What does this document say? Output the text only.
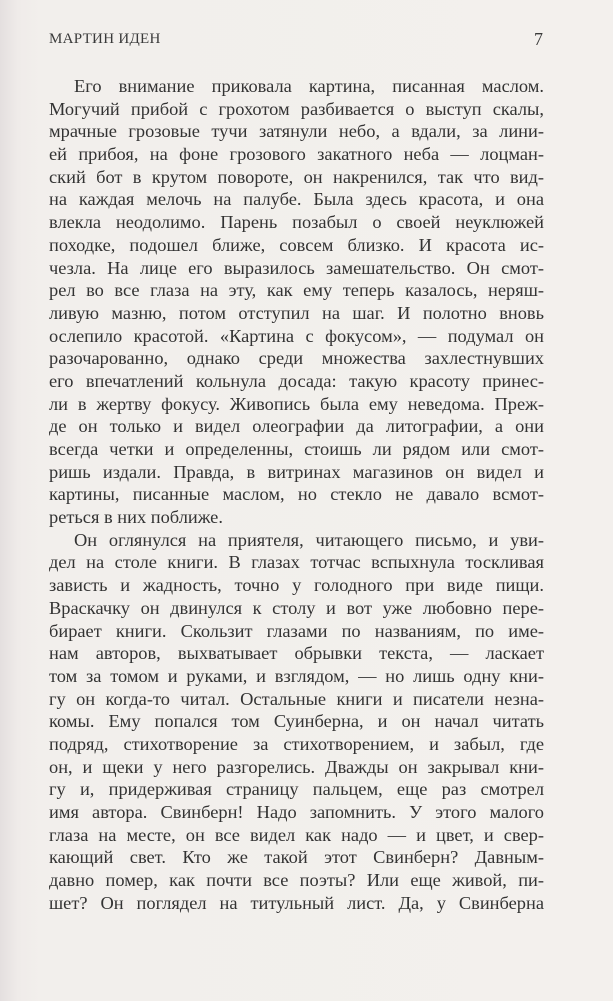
МАРТИН ИДЕН	7
Его внимание приковала картина, писанная маслом.
Могучий прибой с грохотом разбивается о выступ скалы,
мрачные грозовые тучи затянули небо, а вдали, за лини-
ей прибоя, на фоне грозового закатного неба — лоцман-
ский бот в крутом повороте, он накренился, так что вид-
на каждая мелочь на палубе. Была здесь красота, и она
влекла неодолимо. Парень позабыл о своей неуклюжей
походке, подошел ближе, совсем близко. И красота ис-
чезла. На лице его выразилось замешательство. Он смот-
рел во все глаза на эту, как ему теперь казалось, неряш-
ливую мазню, потом отступил на шаг. И полотно вновь
ослепило красотой. «Картина с фокусом», — подумал он
разочарованно, однако среди множества захлестнувших
его впечатлений кольнула досада: такую красоту принес-
ли в жертву фокусу. Живопись была ему неведома. Преж-
де он только и видел олеографии да литографии, а они
всегда четки и определенны, стоишь ли рядом или смот-
ришь издали. Правда, в витринах магазинов он видел и
картины, писанные маслом, но стекло не давало всмот-
реться в них поближе.
Он оглянулся на приятеля, читающего письмо, и уви-
дел на столе книги. В глазах тотчас вспыхнула тоскливая
зависть и жадность, точно у голодного при виде пищи.
Враскачку он двинулся к столу и вот уже любовно пере-
бирает книги. Скользит глазами по названиям, по име-
нам авторов, выхватывает обрывки текста, — ласкает
том за томом и руками, и взглядом, — но лишь одну кни-
гу он когда-то читал. Остальные книги и писатели незна-
комы. Ему попался том Суинберна, и он начал читать
подряд, стихотворение за стихотворением, и забыл, где
он, и щеки у него разгорелись. Дважды он закрывал кни-
гу и, придерживая страницу пальцем, еще раз смотрел
имя автора. Свинберн! Надо запомнить. У этого малого
глаза на месте, он все видел как надо — и цвет, и свер-
кающий свет. Кто же такой этот Свинберн? Давным-
давно помер, как почти все поэты? Или еще живой, пи-
шет? Он поглядел на титульный лист. Да, у Свинберна
